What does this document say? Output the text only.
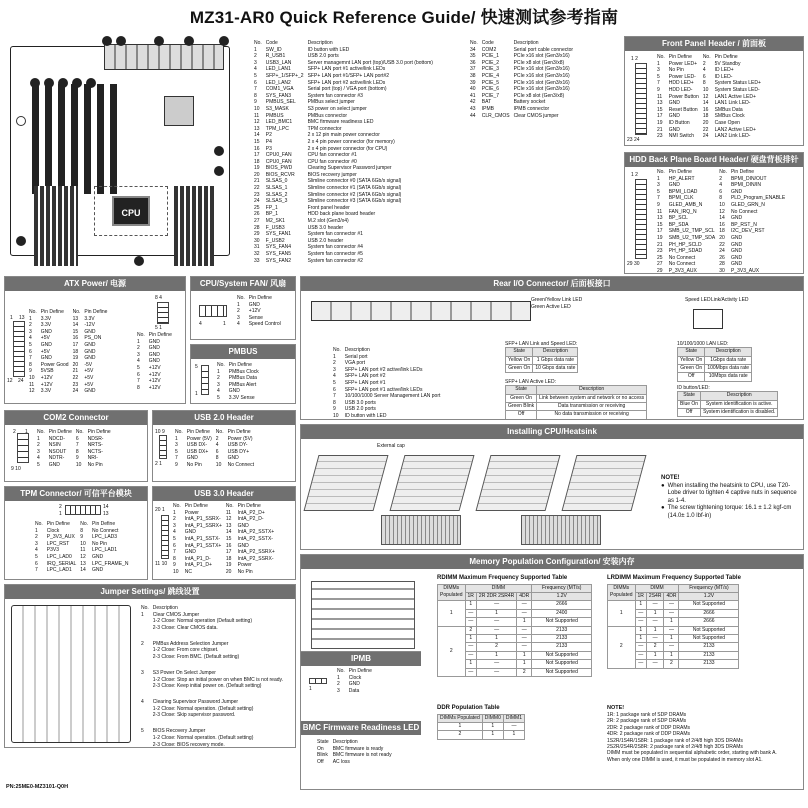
MZ31-AR0 Quick Reference Guide/ 快速测试参考指南
CPU
No.	Code	Description
1	SW_ID	ID button with LED
2	R_USB1	USB 2.0 ports
3	USB3_LAN	Server managemnt LAN port (top)/USB 3.0 port (bottom)
4	LED_LAN1	SFP+ LAN port #1 active/link LEDs
5	SFP+_1/SFP+_2	SFP+ LAN port #1/SFP+ LAN port#2
6	LED_LAN2	SFP+ LAN port #2 active/link LEDs
7	COM1_VGA	Serial port (top) / VGA port (bottom)
8	SYS_FAN3	System fan connector #3
9	PMBUS_SEL	PMBus select jumper
10	S3_MASK	S3 power on select jumper
11	PMBUS	PMBus connector
12	LED_BMC1	BMC firmware readiness LED
13	TPM_LPC	TPM connector
14	P2	2 x 12 pin main power connector
15	P4	2 x 4 pin power connector (for memory)
16	P3	2 x 4 pin power connector (for CPU)
17	CPU0_FAN	CPU fan connector #1
18	CPU0_FAN	CPU fan connector #0
19	BIOS_PWD	Clearing Supervisor Password jumper
20	BIOS_RCVR	BIOS recovery jumper
21	SLSAS_0	Slimline connector #0 (SATA 6Gb/s signal)
22	SLSAS_1	Slimline connector #1 (SATA 6Gb/s signal)
23	SLSAS_2	Slimline connector #2 (SATA 6Gb/s signal)
24	SLSAS_3	Slimline connector #3 (SATA 6Gb/s signal)
25	FP_1	Front panel header
26	BP_1	HDD back plane board header
27	M2_SK1	M.2 slot (Gen3/x4)
28	F_USB3	USB 3.0 header
29	SYS_FAN1	System fan connector #1
30	F_USB2	USB 2.0 header
31	SYS_FAN4	System fan connector #4
32	SYS_FAN5	System fan connector #5
33	SYS_FAN2	System fan connector #2
No.	Code	Description
34	COM2	Serial port cable connector
35	PCIE_1	PCIe x16 slot (Gen3/x16)
36	PCIE_2	PCIe x8 slot (Gen3/x8)
37	PCIE_3	PCIe x16 slot (Gen3/x16)
38	PCIE_4	PCIe x16 slot (Gen3/x16)
39	PCIE_5	PCIe x16 slot (Gen3/x16)
40	PCIE_6	PCIe x16 slot (Gen3/x16)
41	PCIE_7	PCIe x8 slot (Gen3/x8)
42	BAT	Battery socket
43	IPMB	IPMB connector
44	CLR_CMOS	Clear CMOS jumper
Front Panel Header / 前面板
1 2
23 24
No.	Pin Define	No.	Pin Define
1	Power LED+	2	5V Standby
3	No Pin	4	ID LED+
5	Power LED-	6	ID LED-
7	HDD LED+	8	System Status LED+
9	HDD LED-	10	System Status LED-
11	Power Button	12	LAN1 Active LED+
13	GND	14	LAN1 Link LED-
15	Reset Button	16	SMBus Data
17	GND	18	SMBus Clock
19	ID Button	20	Case Open
21	GND	22	LAN2 Active LED+
23	NMI Switch	24	LAN2 Link LED-
HDD Back Plane Board Header/ 硬盘背板排针
1 2
29 30
No.	Pin Define	No.	Pin Define
1	HP_ALERT	2	BPMI_DIN/OUT
3	GND	4	BPMI_DIN/IN
5	BPMI_LOAD	6	GND
7	BPMI_CLK	8	PLD_Program_ENABLE
9	GLED_AMB_N	10	GLED_GRN_N
11	FAN_IRQ_N	12	No Connect
13	BP_SCL	14	GND
15	BP_SDA	16	BP_RST_N
17	SMB_U2_TMP_SCL	18	I2C_DEV_RST
19	SMB_U2_TMP_SDA	20	GND
21	PH_HP_SCLD	22	GND
23	PH_HP_SDAD	24	GND
25	No Connect	26	GND
27	No Connect	28	GND
29	P_3V3_AUX	30	P_3V3_AUX
ATX Power/ 电源
1 13
12 24
No.	Pin Define	No.	Pin Define
1	3.3V	13	3.3V
2	3.3V	14	-12V
3	GND	15	GND
4	+5V	16	PS_ON
5	GND	17	GND
6	+5V	18	GND
7	GND	19	GND
8	Power Good	20	-5V
9	5VSB	21	+5V
10	+12V	22	+5V
11	+12V	23	+5V
12	3.3V	24	GND
8 4
5 1
No.	Pin Define
1	GND
2	GND
3	GND
4	GND
5	+12V
6	+12V
7	+12V
8	+12V
CPU/System FAN/ 风扇
4	1
No.	Pin Define
1	GND
2	+12V
3	Sense
4	Speed Control
PMBUS
5
1
No.	Pin Define
1	PMBus Clock
2	PMBus Data
3	PMBus Alert
4	GND
5	3.3V Sense
Rear I/O Connector/ 后面板接口
Green/Yellow Link LED
Green Active LED
Speed LED Link/Activity LED
No.	Description
1	Serial port
2	VGA port
3	SFP+ LAN port #2 active/link LEDs
4	SFP+ LAN port #2
5	SFP+ LAN port #1
6	SFP+ LAN port #1 active/link LEDs
7	10/100/1000 Server Management LAN port
8	USB 3.0 ports
9	USB 2.0 ports
10	ID button with LED
SFP+ LAN Link and Speed LED:
State	Description
Yellow On	1 Gbps data rate
Green On	10 Gbps data rate
SFP+ LAN Active LED:
State	Description
Green On	Link between system and network or no access
Green Blink	Data transmission or receiving
Off	No data transmission or receiving
10/100/1000 LAN LED:
State	Description
Yellow On	1Gbps data rate
Green On	100Mbps data rate
Off	10Mbps data rate
ID button/LED:
State	Description
Blue On	System identification is active.
Off	System identification is disabled.
COM2 Connector
2 1
9 10
No.	Pin Define	No.	Pin Define
1	NDCD-	6	NDSR-
2	NSIN	7	NRTS-
3	NSOUT	8	NCTS-
4	NDTR-	9	NRI-
5	GND	10	No Pin
USB 2.0 Header
10 9
2 1
No.	Pin Define	No.	Pin Define
1	Power (5V)	2	Power (5V)
3	USB DX-	4	USB DY-
5	USB DX+	6	USB DY+
7	GND	8	GND
9	No Pin	10	No Connect
TPM Connector/ 可信平台模块
2	14
1	13
No.	Pin Define	No.	Pin Define
1	Clock	8	No Connect
2	P_3V3_AUX	9	LPC_LAD3
3	LPC_RST	10	No Pin
4	P3V3	11	LPC_LAD1
5	LPC_LAD0	12	GND
6	IRQ_SERIAL	13	LPC_FRAME_N
7	LPC_LAD1	14	GND
USB 3.0 Header
20 1
11 10
No.	Pin Define	No.	Pin Define
1	Power	11	IntA_P2_D+
2	IntA_P1_SSRX-	12	IntA_P2_D-
3	IntA_P1_SSRX+	13	GND
4	GND	14	IntA_P2_SSTX+
5	IntA_P1_SSTX-	15	IntA_P2_SSTX-
6	IntA_P1_SSTX+	16	GND
7	GND	17	IntA_P2_SSRX+
8	IntA_P1_D-	18	IntA_P2_SSRX-
9	IntA_P1_D+	19	Power
10	NC	20	No Pin
Installing CPU/Heatsink
External cap
NOTE!
● When installing the heatsink to CPU, use T20-Lobe driver to tighten 4 captive nuts in sequence as 1-4.
● The screw tightening torque: 16.1 ± 1.2 kgf-cm (14.0± 1.0 lbf-in)
Jumper Settings/ 跳线设置
No.	Description
1	Clear CMOS Jumper
	1-2 Close: Normal operation (Default setting)
	2-3 Close: Clear CMOS data.
2	PMBus Address Selection Jumper
	1-2 Close: From core chipset.
	2-3 Close: From BMC. (Default setting)
3	S3 Power On Select Jumper
	1-2 Close: Stop an initial power on when BMC is not ready.
	2-3 Close: Keep initial power on. (Default setting)
4	Clearing Supervisor Password Jumper
	1-2 Close: Normal operation. (Default setting)
	2-3 Close: Skip supervisor password.
5	BIOS Recovery Jumper
	1-2 Close: Normal operation. (Default setting)
	2-3 Close: BIOS recovery mode.
Memory Population Configuration/ 安装内存
RDIMM Maximum Frequency Supported Table
DIMMs Populated	DIMM			Frequency (MT/s)
	1R	2R 2DR 2SR4R	4DR	1.2V
1	1	—	—	2666
	—	1	—	2400
	—	—	1	Not Supported
2	2	—	—	2133
	1	1	—	2133
	—	2	—	2133
	—	1	1	Not Supported
	1	—	1	Not Supported
	—	—	2	Not Supported
LRDIMM Maximum Frequency Supported Table
DIMMs Populated	DIMM			Frequency (MT/s)
	1R	2S4R	4DR	1.2V
1	1	—	—	Not Supported
	—	1	—	2666
	—	—	1	2666
2	1	1	—	Not Supported
	1	—	1	Not Supported
	—	2	—	2133
	—	1	1	2133
	—	—	2	2133
IPMB
1
No.	Pin Define
1	Clock
2	GND
3	Data
BMC Firmware Readiness LED
State	Description
On	BMC firmware is ready
Blink	BMC firmware is not ready
Off	AC loss
DDR Population Table
DIMMs Populated	DIMM0	DIMM1
1	1	—
2	1	1
NOTE!
1R: 1 package rank of SDP DRAMs
2R: 2 package rank of SDP DRAMs
2DR: 2 package rank of DDP DRAMs
4DR: 2 package rank of DDP DRAMs
1S2R/1S4R/1S8R: 1 package rank of 2/4/8 high 3DS DRAMs
2S2R/2S4R/2S8R: 2 package rank of 2/4/8 high 3DS DRAMs
DIMM must be populated in sequential alphabetic order, starting with bank A.
When only one DIMM is used, it must be populated in memory slot A1.
PN:25ME0-MZ3101-Q0H
